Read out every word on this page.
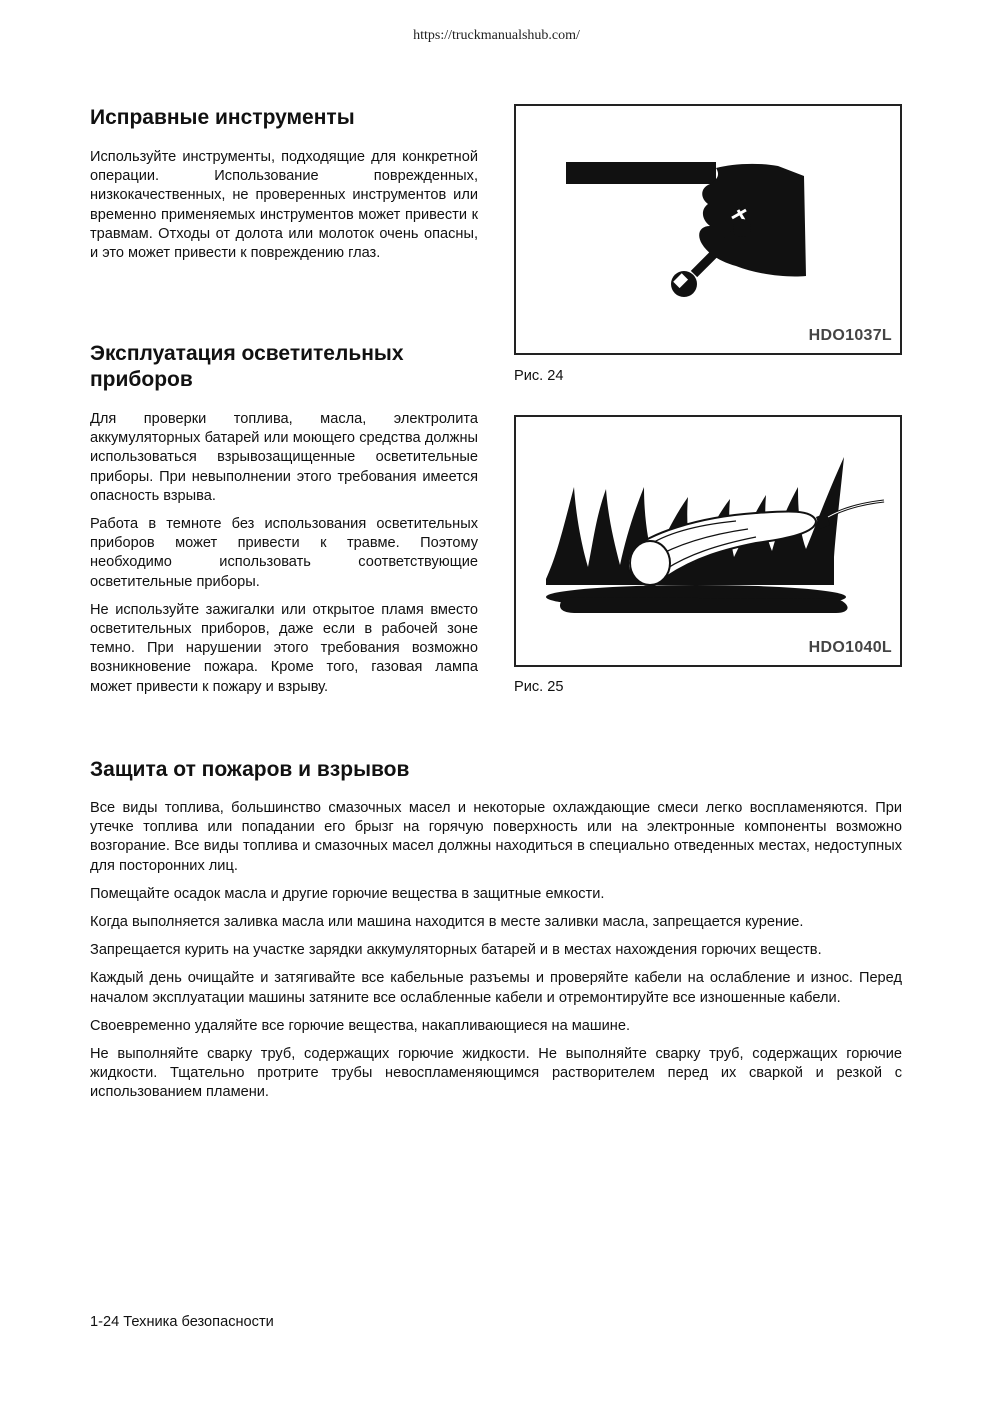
https://truckmanualshub.com/
Исправные инструменты

Используйте инструменты, подходящие для конкретной операции. Использование поврежденных, низкокачественных, не проверенных инструментов или временно применяемых инструментов может привести к травмам. Отходы от долота или молоток очень опасны, и это может привести к повреждению глаз.

Эксплуатация осветительных приборов

Для проверки топлива, масла, электролита аккумуляторных батарей или моющего средства должны использоваться взрывозащищенные осветительные приборы. При невыполнении этого требования имеется опасность взрыва.

Работа в темноте без использования осветительных приборов может привести к травме. Поэтому необходимо использовать соответствующие осветительные приборы.

Не используйте зажигалки или открытое пламя вместо осветительных приборов, даже если в рабочей зоне темно. При нарушении этого требования возможно возникновение пожара. Кроме того, газовая лампа может привести к пожару и взрыву.

HDO1037L
Рис. 24
HDO1040L
Рис. 25
Защита от пожаров и взрывов

Все виды топлива, большинство смазочных масел и некоторые охлаждающие смеси легко воспламеняются. При утечке топлива или попадании его брызг на горячую поверхность или на электронные компоненты возможно возгорание. Все виды топлива и смазочных масел должны находиться в специально отведенных местах, недоступных для посторонних лиц.

Помещайте осадок масла и другие горючие вещества в защитные емкости.

Когда выполняется заливка масла или машина находится в месте заливки масла, запрещается курение.

Запрещается курить на участке зарядки аккумуляторных батарей и в местах нахождения горючих веществ.

Каждый день очищайте и затягивайте все кабельные разъемы и проверяйте кабели на ослабление и износ. Перед началом эксплуатации машины затяните все ослабленные кабели и отремонтируйте все изношенные кабели.

Своевременно удаляйте все горючие вещества, накапливающиеся на машине.

Не выполняйте сварку труб, содержащих горючие жидкости. Не выполняйте сварку труб, содержащих горючие жидкости. Тщательно протрите трубы невоспламеняющимся растворителем перед их сваркой и резкой с использованием пламени.

1-24 Техника безопасности
